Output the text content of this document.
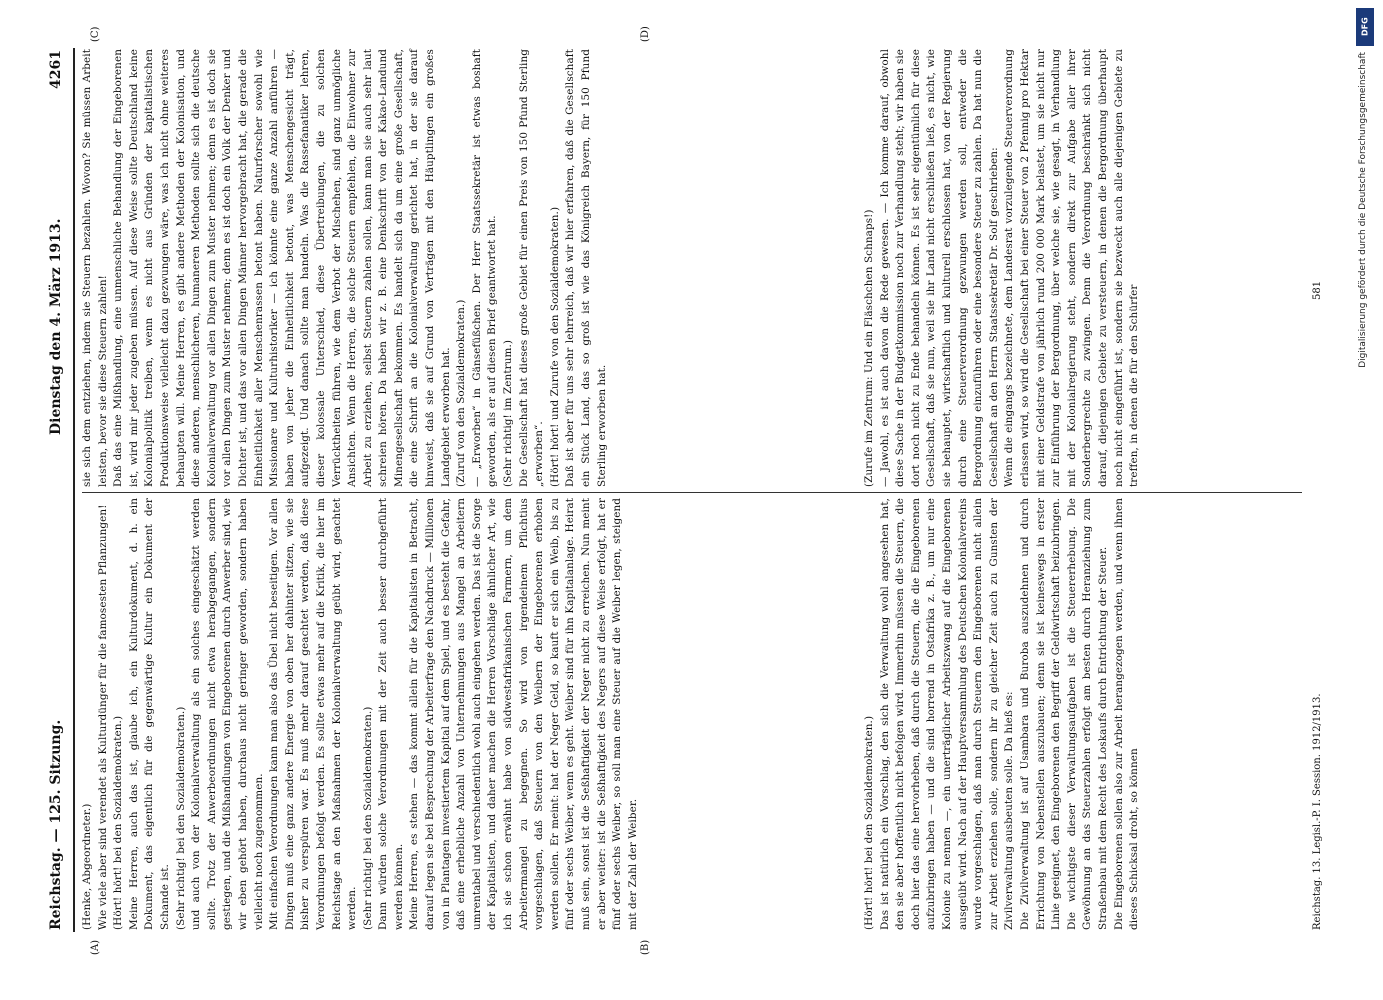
Reichstag. — 125. Sitzung.
Dienstag den 4. März 1913.
4261
(A)	(B)
(C)	(D)
(Henke, Abgeordneter.)
Wie viele aber sind verendet als Kulturdünger für die famosesten Pflanzungen!
(Hört! hört! bei den Sozialdemokraten.)
Meine Herren, auch das ist, glaube ich, ein Kulturdokument, d. h. ein Dokument, das eigentlich für die gegenwärtige Kultur ein Dokument der Schande ist.
(Sehr richtig! bei den Sozialdemokraten.)
und auch von der Kolonialverwaltung als ein solches eingeschätzt werden sollte. Trotz der Anwerbeordnungen nicht etwa herabgegangen, sondern gestiegen, und die Mißhandlungen von Eingeborenen durch Anwerber sind, wie wir eben gehört haben, durchaus nicht geringer geworden, sondern haben vielleicht noch zugenommen.
Mit einfachen Verordnungen kann man also das Übel nicht beseitigen. Vor allen Dingen muß eine ganz andere Energie von oben her dahinter sitzen, wie sie bisher zu verspüren war. Es muß mehr darauf geachtet werden, daß diese Verordnungen befolgt werden. Es sollte etwas mehr auf die Kritik, die hier im Reichstage an den Maßnahmen der Kolonialverwaltung geübt wird, geachtet werden.
(Sehr richtig! bei den Sozialdemokraten.)
Dann würden solche Verordnungen mit der Zeit auch besser durchgeführt werden können.
Meine Herren, es stehen — das kommt allein für die Kapitalisten in Betracht, darauf legen sie bei Besprechung der Arbeiterfrage den Nachdruck — Millionen von in Plantagen investiertem Kapital auf dem Spiel, und es besteht die Gefahr, daß eine erhebliche Anzahl von Unternehmungen aus Mangel an Arbeitern umrentabel und verschiedentlich wohl auch eingehen werden. Das ist die Sorge der Kapitalisten, und daher machen die Herren Vorschläge ähnlicher Art, wie ich sie schon erwähnt habe von südwestafrikanischen Farmern, um dem Arbeitermangel zu begegnen. So wird von irgendeinem Pflichtius vorgeschlagen, daß Steuern von den Weibern der Eingeborenen erhoben werden sollen. Er meint: hat der Neger Geld, so kauft er sich ein Weib, bis zu fünf oder sechs Weiber, wenn es geht. Weiber sind für ihn Kapitalanlage. Heirat muß sein, sonst ist die Seßhaftigkeit der Neger nicht zu erreichen. Nun meint er aber weiter: ist die Seßhaftigkeit des Negers auf diese Weise erfolgt, hat er fünf oder sechs Weiber, so soll man eine Steuer auf die Weiber legen, steigend mit der Zahl der Weiber.
(Hört! hört! bei den Sozialdemokraten.)
Das ist natürlich ein Vorschlag, den sich die Verwaltung wohl angesehen hat, den sie aber hoffentlich nicht befolgen wird. Immerhin müssen die Steuern, die doch hier das eine hervorheben, daß durch die Steuern, die die Eingeborenen aufzubringen haben — und die sind horrend in Ostafrika z. B., um nur eine Kolonie zu nennen —, ein unerträglicher Arbeitszwang auf die Eingeborenen ausgeübt wird. Nach auf der Hauptversammlung des Deutschen Kolonialvereins wurde vorgeschlagen, daß man durch Steuern den Eingeborenen nicht allein zur Arbeit erziehen solle, sondern ihr zu gleicher Zeit auch zu Gunsten der Zivilverwaltung ausbeuten solle. Da hieß es:
Die Zivilverwaltung ist auf Usambara und Buroba auszudehnen und durch Errichtung von Nebenstellen auszubauen; denn sie ist keineswegs in erster Linie geeignet, den Eingeborenen den Begriff der Geldwirtschaft beizubringen. Die wichtigste dieser Verwaltungsaufgaben ist die Steuererhebung. Die Gewöhnung an das Steuerzahlen erfolgt am besten durch Heranziehung zum Straßenbau mit dem Recht des Loskaufs durch Entrichtung der Steuer.
Die Eingeborenen sollen also zur Arbeit herangezogen werden, und wenn ihnen dieses Schicksal droht, so können
sie sich dem entziehen, indem sie Steuern bezahlen. Wovon? Sie müssen Arbeit leisten, bevor sie diese Steuern zahlen!
Daß das eine Mißhandlung, eine unmenschliche Behandlung der Eingeborenen ist, wird mir jeder zugeben müssen. Auf diese Weise sollte Deutschland keine Kolonialpolitik treiben, wenn es nicht aus Gründen der kapitalistischen Produktionsweise vielleicht dazu gezwungen wäre, was ich nicht ohne weiteres behaupten will. Meine Herren, es gibt andere Methoden der Kolonisation, und diese anderen, menschlicheren, humaneren Methoden sollte sich die deutsche Kolonialverwaltung vor allen Dingen zum Muster nehmen; denn es ist doch sie vor allen Dingen zum Muster nehmen; denn es ist doch ein Volk der Denker und Dichter ist, und das vor allen Dingen Männer hervorgebracht hat, die gerade die Einheitlichkeit aller Menschenrassen betont haben. Naturforscher sowohl wie Missionare und Kulturhistoriker — ich könnte eine ganze Anzahl anführen — haben von jeher die Einheitlichkeit betont, was Menschengesicht trägt, aufgezeigt. Und danach sollte man handeln. Was die Rassefanatiker lehren, dieser kolossale Unterschied, diese Übertreibungen, die zu solchen Verrücktheiten führen, wie dem Verbot der Mischehen, sind ganz unmögliche Ansichten. Wenn die Herren, die solche Steuern empfehlen, die Einwohner zur Arbeit zu erziehen, selbst Steuern zahlen sollen, kann man sie auch sehr laut schreien hören. Da haben wir z. B. eine Denkschrift von der Kakao-Landund Minengesellschaft bekommen. Es handelt sich da um eine große Gesellschaft, die eine Schrift an die Kolonialverwaltung gerichtet hat, in der sie darauf hinweist, daß sie auf Grund von Verträgen mit den Häuptlingen ein großes Landgebiet erworben hat.
(Zuruf von den Sozialdemokraten.)
— „Erworben“ in Gänsefüßchen. Der Herr Staatssekretär ist etwas boshaft geworden, als er auf diesen Brief geantwortet hat.
(Sehr richtig! im Zentrum.)
Die Gesellschaft hat dieses große Gebiet für einen Preis von 150 Pfund Sterling „erworben“.
(Hört! hört! und Zurufe von den Sozialdemokraten.)
Daß ist aber für uns sehr lehrreich, daß wir hier erfahren, daß die Gesellschaft ein Stück Land, das so groß ist wie das Königreich Bayern, für 150 Pfund Sterling erworben hat.
(Zurufe im Zentrum: Und ein Fläschchen Schnaps!)
— Jawohl, es ist auch davon die Rede gewesen. — Ich komme darauf, obwohl diese Sache in der Budgetkommission noch zur Verhandlung steht; wir haben sie dort noch nicht zu Ende behandeln können. Es ist sehr eigentümlich für diese Gesellschaft, daß sie nun, weil sie ihr Land nicht erschließen ließ, es nicht, wie sie behauptet, wirtschaftlich und kulturell erschlossen hat, von der Regierung durch eine Steuerverordnung gezwungen werden soll, entweder die Bergordnung einzuführen oder eine besondere Steuer zu zahlen. Da hat nun die Gesellschaft an den Herrn Staatssekretär Dr. Solf geschrieben:
Wenn die eingangs bezeichnete, dem Landesrat vorzulegende Steuerverordnung erlassen wird, so wird die Gesellschaft bei einer Steuer von 2 Pfennig pro Hektar mit einer Geldstrafe von jährlich rund 200 000 Mark belastet, um sie nicht nur zur Einführung der Bergordnung, über welche sie, wie gesagt, in Verhandlung mit der Kolonialregierung steht, sondern direkt zur Aufgabe aller ihrer Sonderbergrechte zu zwingen. Denn die Verordnung beschränkt sich nicht darauf, diejenigen Gebiete zu versteuern, in denen die Bergordnung überhaupt noch nicht eingeführt ist, sondern sie bezweckt auch alle diejenigen Gebiete zu treffen, in denen die für den Schürfer
Reichstag. 13. Legisl.-P. I. Session. 1912/1913.
581
DFG
Digitalisierung gefördert durch die Deutsche Forschungsgemeinschaft
